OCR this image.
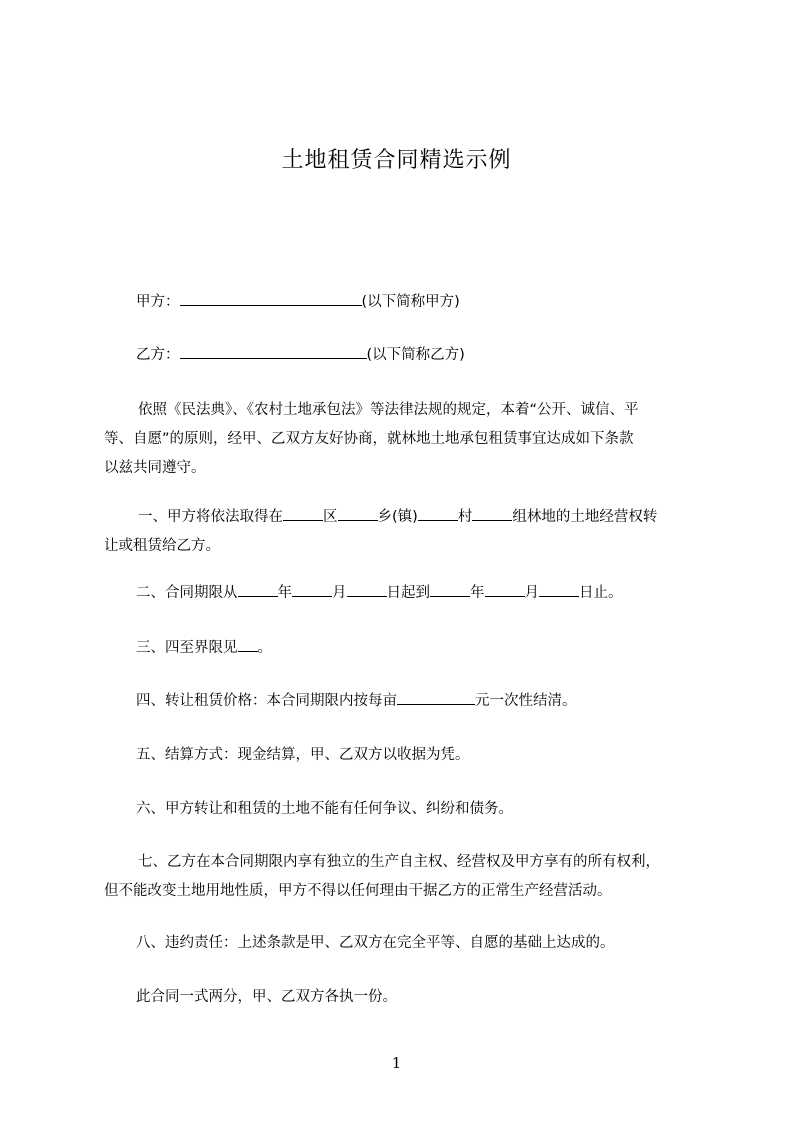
土地租赁合同精选示例

甲方：	(以下简称甲方)

乙方：	(以下简称乙方)

依照《民法典》、《农村土地承包法》等法律法规的规定，本着“公开、诚信、平
等、自愿”的原则，经甲、乙双方友好协商，就林地土地承包租赁事宜达成如下条款
以兹共同遵守。
一、甲方将依法取得在	区	乡(镇)	村	组林地的土地经营权转
让或租赁给乙方。

二、合同期限从	年	月	日起到	年	月	日止。

三、四至界限见 。

四、转让租赁价格：本合同期限内按每亩	元一次性结清。

五、结算方式：现金结算，甲、乙双方以收据为凭。

六、甲方转让和租赁的土地不能有任何争议、纠纷和债务。

七、乙方在本合同期限内享有独立的生产自主权、经营权及甲方享有的所有权利，
但不能改变土地用地性质，甲方不得以任何理由干据乙方的正常生产经营活动。

八、违约责任：上述条款是甲、乙双方在完全平等、自愿的基础上达成的。

此合同一式两分，甲、乙双方各执一份。

1
